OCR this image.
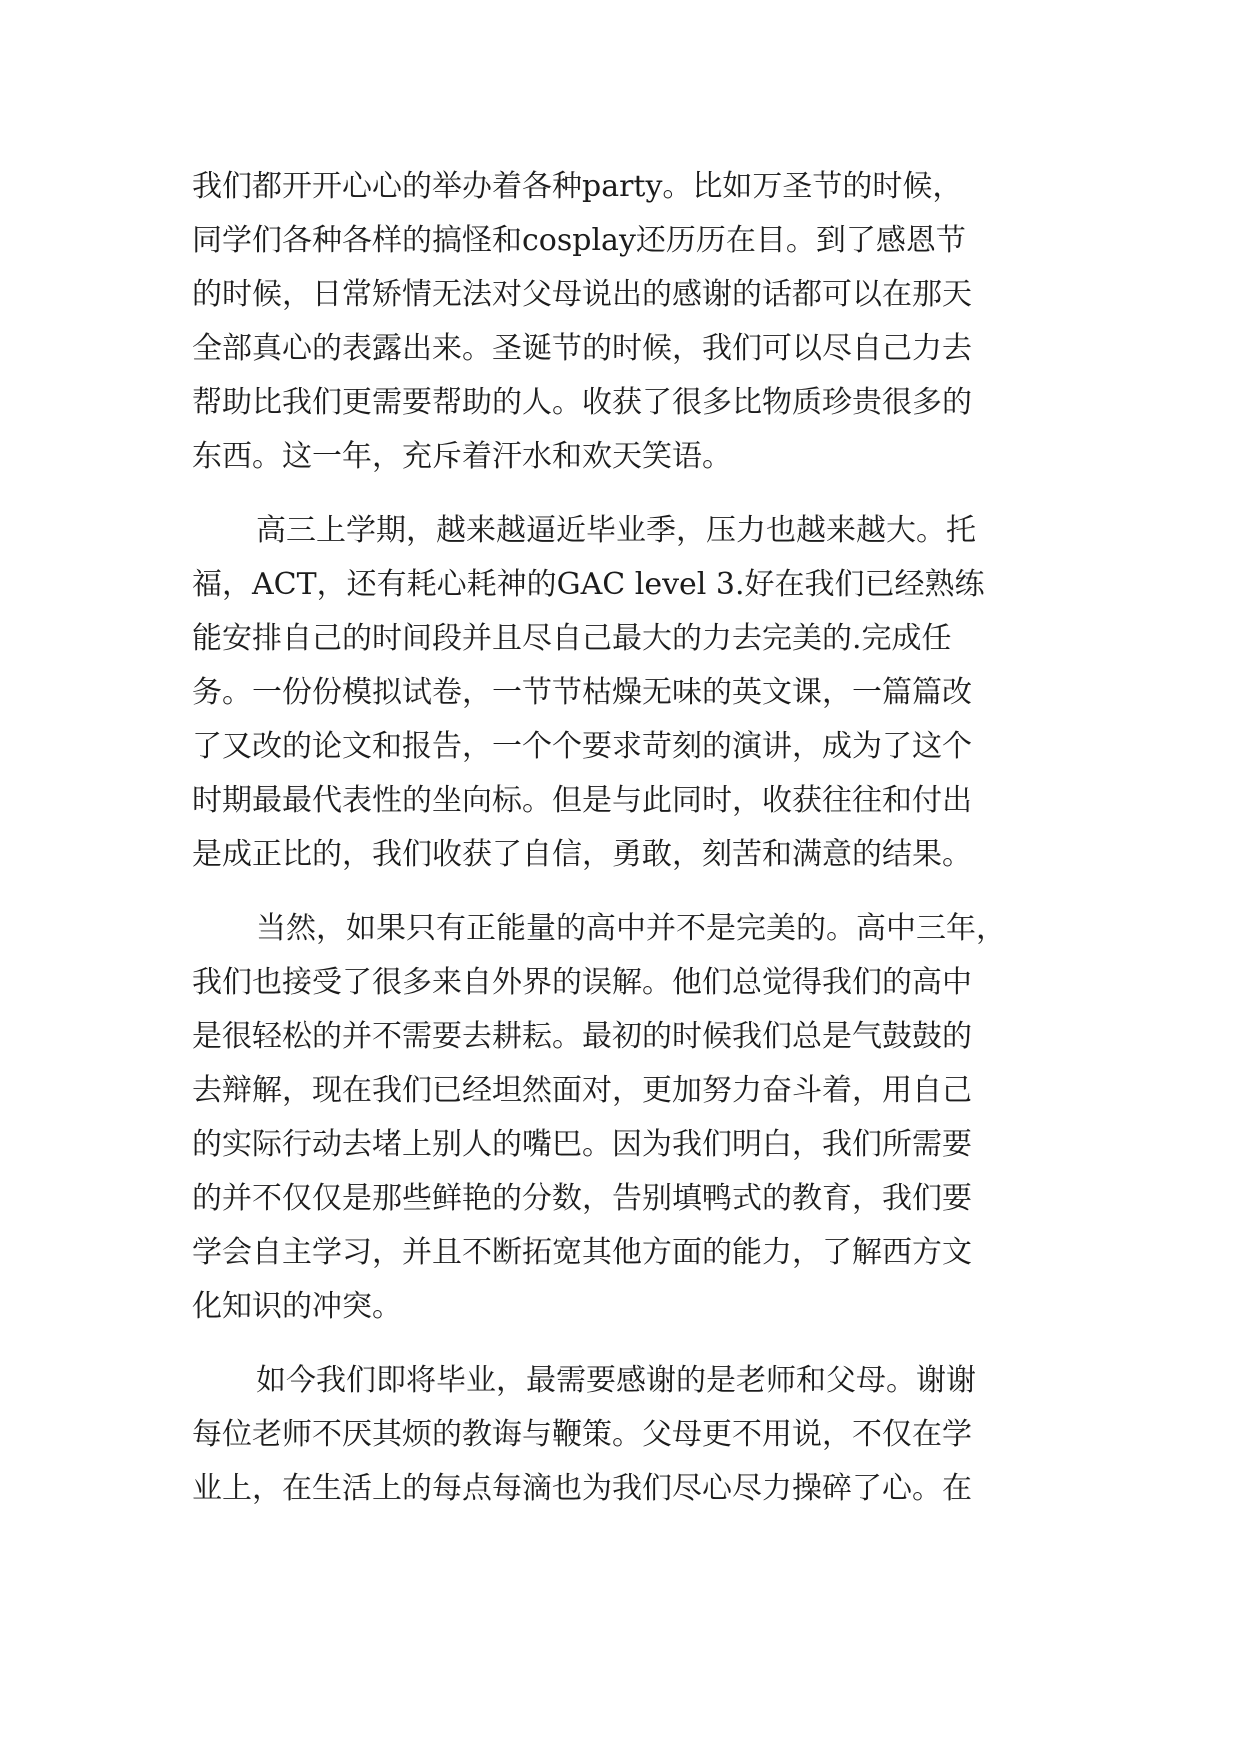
我们都开开心心的举办着各种party。比如万圣节的时候，

同学们各种各样的搞怪和cosplay还历历在目。到了感恩节

的时候，日常矫情无法对父母说出的感谢的话都可以在那天

全部真心的表露出来。圣诞节的时候，我们可以尽自己力去

帮助比我们更需要帮助的人。收获了很多比物质珍贵很多的

东西。这一年，充斥着汗水和欢天笑语。

高三上学期，越来越逼近毕业季，压力也越来越大。托

福，ACT，还有耗心耗神的GAC level 3.好在我们已经熟练

能安排自己的时间段并且尽自己最大的力去完美的.完成任

务。一份份模拟试卷，一节节枯燥无味的英文课，一篇篇改

了又改的论文和报告，一个个要求苛刻的演讲，成为了这个

时期最最代表性的坐向标。但是与此同时，收获往往和付出

是成正比的，我们收获了自信，勇敢，刻苦和满意的结果。

当然，如果只有正能量的高中并不是完美的。高中三年，

我们也接受了很多来自外界的误解。他们总觉得我们的高中

是很轻松的并不需要去耕耘。最初的时候我们总是气鼓鼓的

去辩解，现在我们已经坦然面对，更加努力奋斗着，用自己

的实际行动去堵上别人的嘴巴。因为我们明白，我们所需要

的并不仅仅是那些鲜艳的分数，告别填鸭式的教育，我们要

学会自主学习，并且不断拓宽其他方面的能力，了解西方文

化知识的冲突。

如今我们即将毕业，最需要感谢的是老师和父母。谢谢

每位老师不厌其烦的教诲与鞭策。父母更不用说，不仅在学

业上，在生活上的每点每滴也为我们尽心尽力操碎了心。在
